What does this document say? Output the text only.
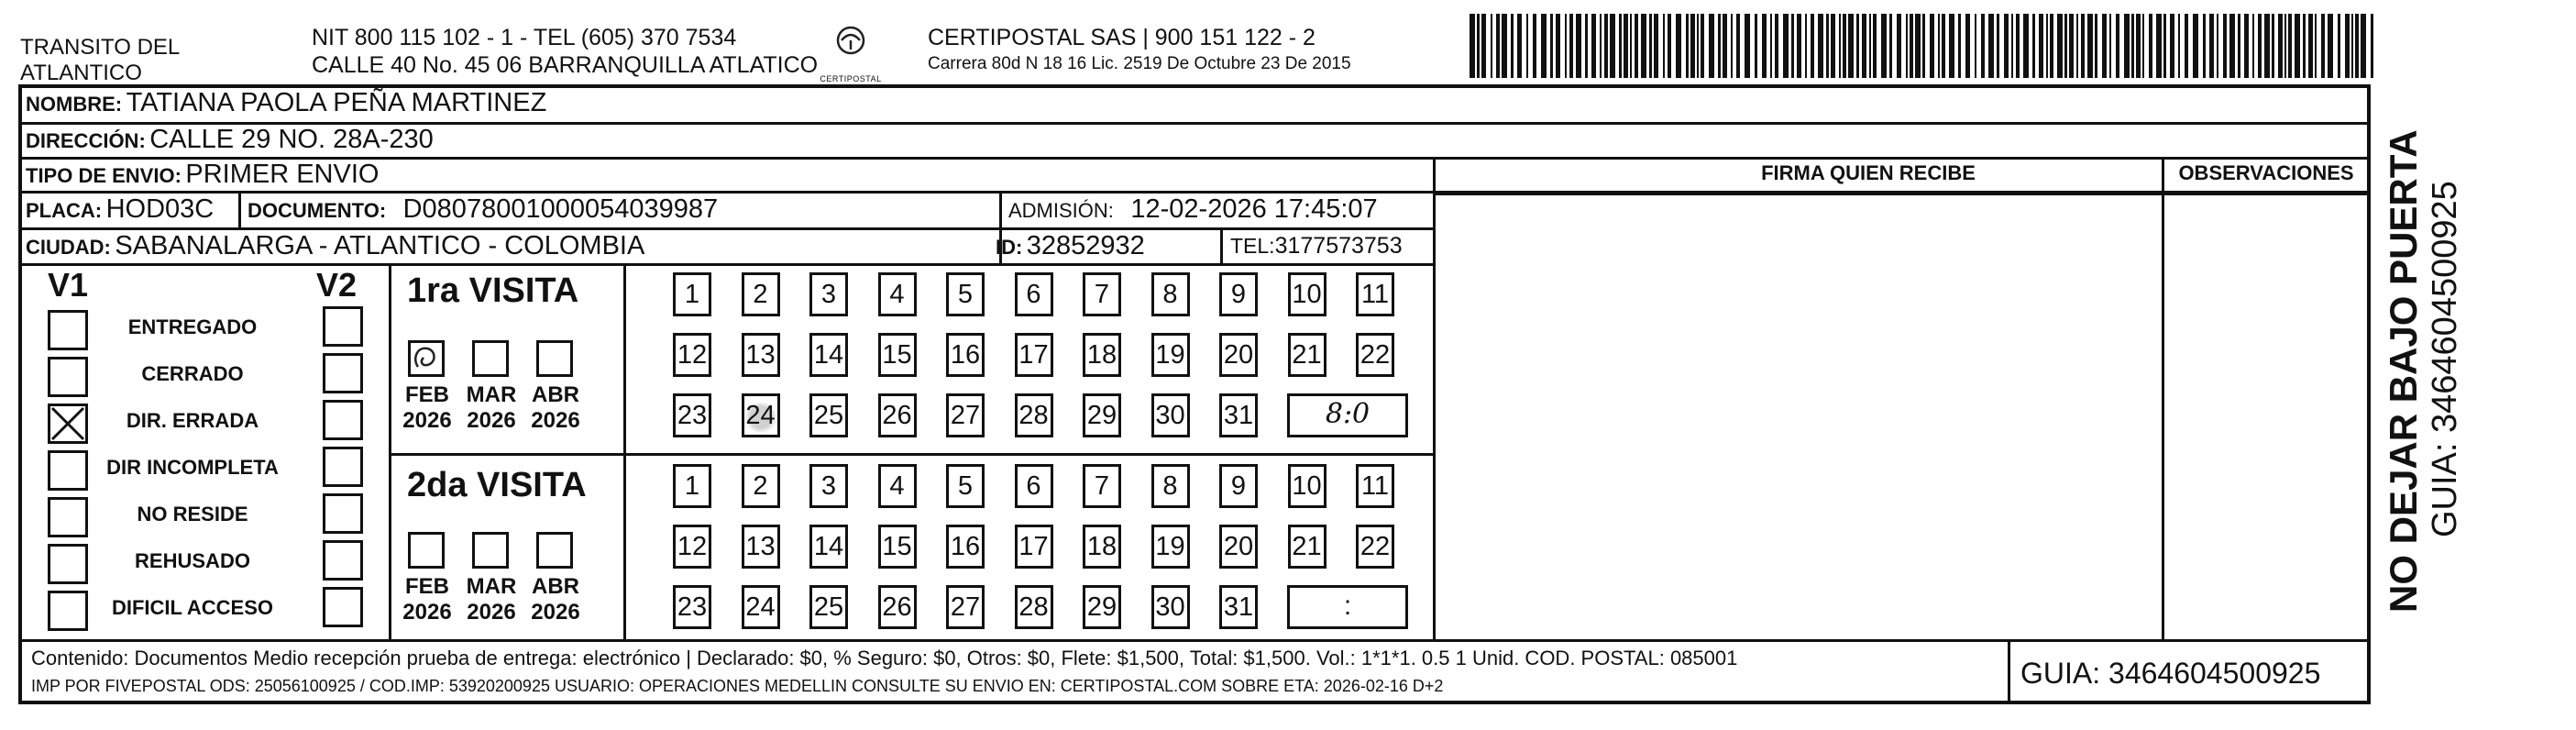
TRANSITO DEL
ATLANTICO
NIT 800 115 102 - 1 - TEL (605) 370 7534
CALLE 40 No. 45 06 BARRANQUILLA ATLATICO
CERTIPOSTAL
CERTIPOSTAL SAS | 900 151 122 - 2
Carrera 80d N 18 16 Lic. 2519 De Octubre 23 De 2015
NOMBRE: TATIANA PAOLA PEÑA MARTINEZ
DIRECCIÓN: CALLE 29 NO. 28A-230
TIPO DE ENVIO: PRIMER ENVIO	FIRMA QUIEN RECIBE	OBSERVACIONES
PLACA: HOD03C DOCUMENTO: D08078001000054039987	ADMISIÓN: 12-02-2026 17:45:07
CIUDAD: SABANALARGA - ATLANTICO - COLOMBIA	ID: 32852932	TEL:3177573753
V1	V2
ENTREGADO
CERRADO
DIR. ERRADA
DIR INCOMPLETA
NO RESIDE
REHUSADO
DIFICIL ACCESO
1ra VISITA
2da VISITA
FEB
2026
MAR
2026
ABR
2026
1	2	3	4	5	6	7	8	9	10 11
12 13 14 15 16 17 18 19 20 21 22
23 24 25 26 27 28 29 30 31	8:0
FEB
2026
MAR
2026
ABR
2026
1	2	3	4	5	6	7	8	9	10 11
12 13 14 15 16 17 18 19 20 21 22
23 24 25 26 27 28 29 30 31	:
Contenido: Documentos Medio recepción prueba de entrega: electrónico | Declarado: $0, % Seguro: $0, Otros: $0, Flete: $1,500, Total: $1,500. Vol.: 1*1*1. 0.5 1 Unid. COD. POSTAL: 085001
IMP POR FIVEPOSTAL ODS: 25056100925 / COD.IMP: 53920200925 USUARIO: OPERACIONES MEDELLIN CONSULTE SU ENVIO EN: CERTIPOSTAL.COM SOBRE ETA: 2026-02-16 D+2	GUIA: 3464604500925
NO DEJAR BAJO PUERTA GUIA: 3464604500925
